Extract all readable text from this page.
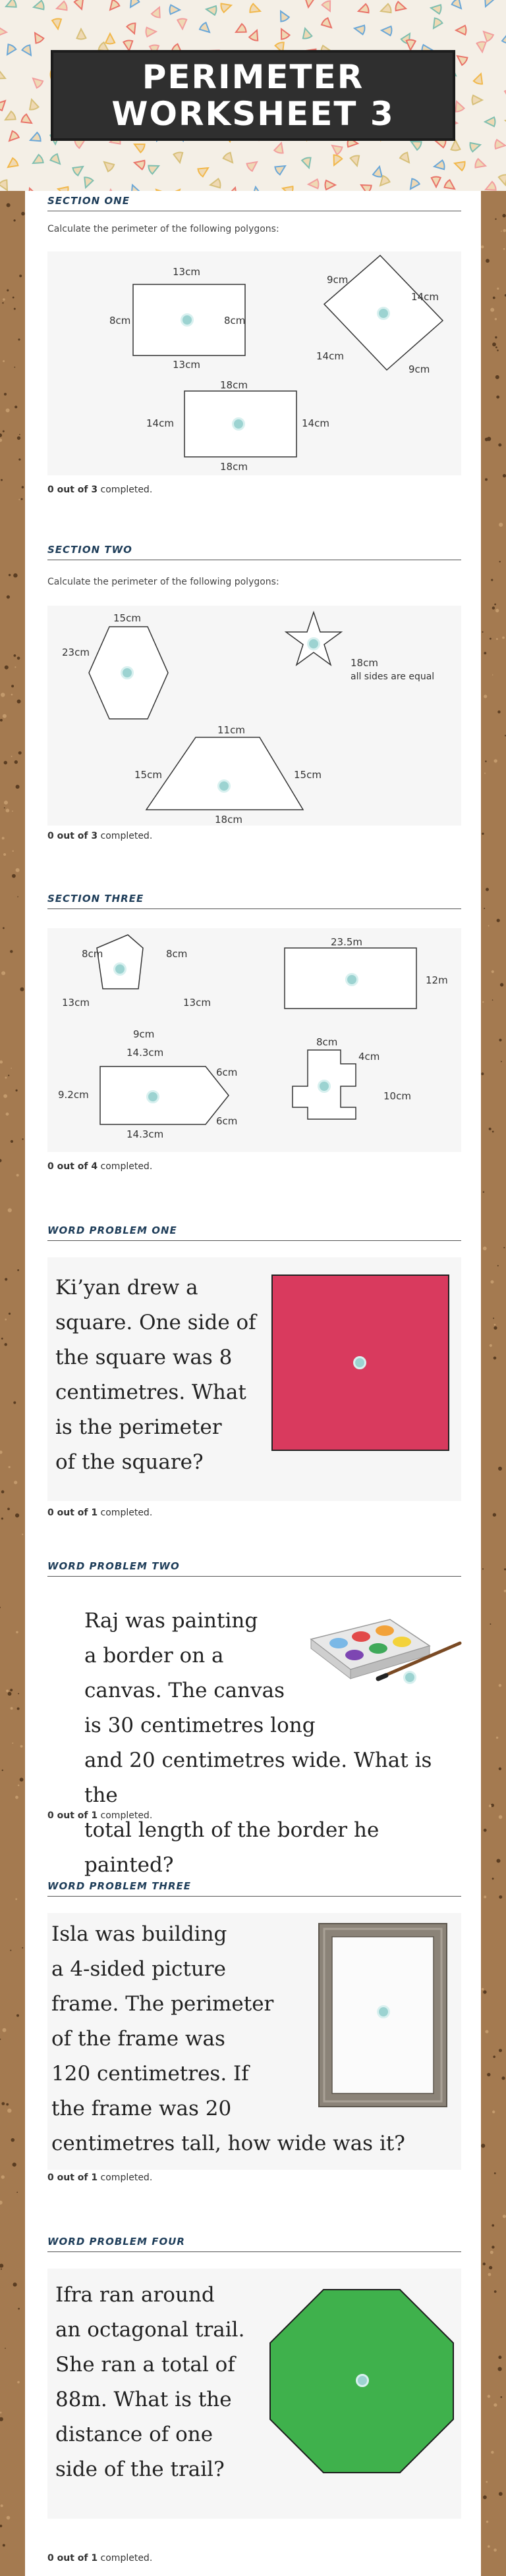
PERIMETER
WORKSHEET 3
SECTION ONE
Calculate the perimeter of the following polygons:
13cm
13cm
8cm	8cm
9cm
14cm
14cm
9cm
18cm
18cm
14cm	14cm
0 out of 3 completed.
SECTION TWO
Calculate the perimeter of the following polygons:
15cm
23cm
18cm
all sides are equal
11cm
15cm	15cm
18cm
0 out of 3 completed.
SECTION THREE
8cm	8cm
13cm	13cm
9cm
23.5m
12m
14.3cm
9.2cm
14.3cm
6cm
6cm
8cm
4cm
10cm
0 out of 4 completed.
WORD PROBLEM ONE
Ki’yan drew a
square. One side of
the square was 8
centimetres. What
is the perimeter
of the square?
0 out of 1 completed.
WORD PROBLEM TWO
Raj was painting
a border on a
canvas. The canvas
is 30 centimetres long
and 20 centimetres wide. What is the
total length of the border he painted?
0 out of 1 completed.
WORD PROBLEM THREE
Isla was building
a 4-sided picture
frame. The perimeter
of the frame was
120 centimetres. If
the frame was 20
centimetres tall, how wide was it?
0 out of 1 completed.
WORD PROBLEM FOUR
Ifra ran around
an octagonal trail.
She ran a total of
88m. What is the
distance of one
side of the trail?
0 out of 1 completed.
